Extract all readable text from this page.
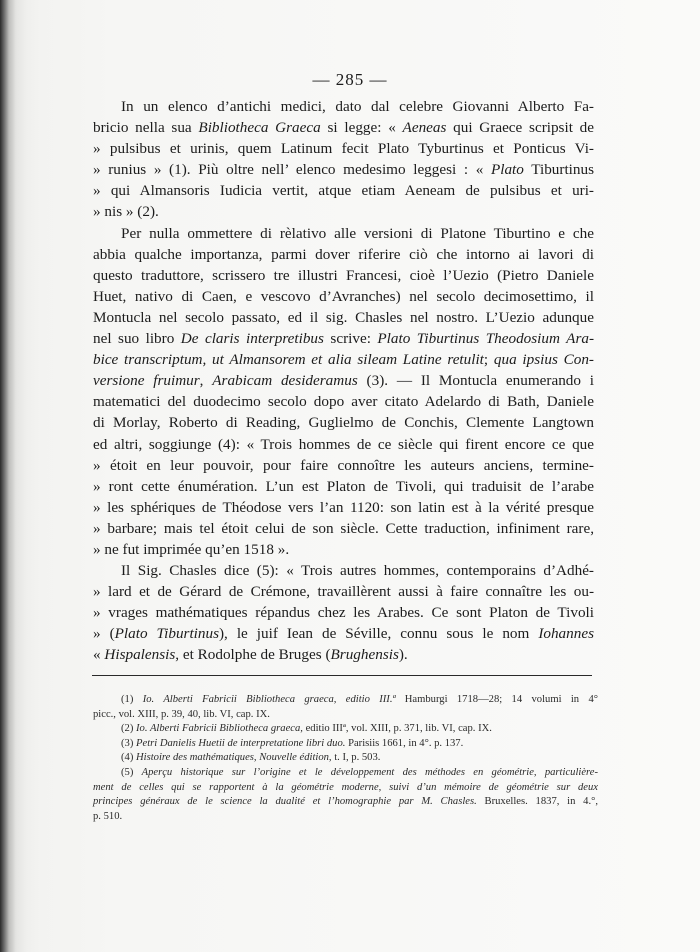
— 285 —
In un elenco d’antichi medici, dato dal celebre Giovanni Alberto Fa-
bricio nella sua Bibliotheca Graeca si legge: « Aeneas qui Graece scripsit de
» pulsibus et urinis, quem Latinum fecit Plato Tyburtinus et Ponticus Vi-
» runius » (1). Più oltre nell’ elenco medesimo leggesi : « Plato Tiburtinus
» qui Almansoris Iudicia vertit, atque etiam Aeneam de pulsibus et uri-
» nis » (2).
Per nulla ommettere di rèlativo alle versioni di Platone Tiburtino e che
abbia qualche importanza, parmi dover riferire ciò che intorno ai lavori di
questo traduttore, scrissero tre illustri Francesi, cioè l’Uezio (Pietro Daniele
Huet, nativo di Caen, e vescovo d’Avranches) nel secolo decimosettimo, il
Montucla nel secolo passato, ed il sig. Chasles nel nostro. L’Uezio adunque
nel suo libro De claris interpretibus scrive: Plato Tiburtinus Theodosium Ara-
bice transcriptum, ut Almansorem et alia sileam Latine retulit; qua ipsius Con-
versione fruimur, Arabicam desideramus (3). — Il Montucla enumerando i
matematici del duodecimo secolo dopo aver citato Adelardo di Bath, Daniele
di Morlay, Roberto di Reading, Guglielmo de Conchis, Clemente Langtown
ed altri, soggiunge (4): « Trois hommes de ce siècle qui firent encore ce que
» étoit en leur pouvoir, pour faire connoître les auteurs anciens, termine-
» ront cette énumération. L’un est Platon de Tivoli, qui traduisit de l’arabe
» les sphériques de Théodose vers l’an 1120: son latin est à la vérité presque
» barbare; mais tel étoit celui de son siècle. Cette traduction, infiniment rare,
» ne fut imprimée qu’en 1518 ».
Il Sig. Chasles dice (5): « Trois autres hommes, contemporains d’Adhé-
» lard et de Gérard de Crémone, travaillèrent aussi à faire connaître les ou-
» vrages mathématiques répandus chez les Arabes. Ce sont Platon de Tivoli
» (Plato Tiburtinus), le juif Iean de Séville, connu sous le nom Iohannes
« Hispalensis, et Rodolphe de Bruges (Brughensis).
(1) Io. Alberti Fabricii Bibliotheca graeca, editio III.ª Hamburgi 1718—28; 14 volumi in 4°
picc., vol. XIII, p. 39, 40, lib. VI, cap. IX.
(2) Io. Alberti Fabricii Bibliotheca graeca, editio IIIª, vol. XIII, p. 371, lib. VI, cap. IX.
(3) Petri Danielis Huetii de interpretatione libri duo. Parisiis 1661, in 4°. p. 137.
(4) Histoire des mathématiques, Nouvelle édition, t. I, p. 503.
(5) Aperçu historique sur l’origine et le développement des méthodes en géométrie, particulière-
ment de celles qui se rapportent à la géométrie moderne, suivi d’un mémoire de géométrie sur deux
principes généraux de le science la dualité et l’homographie par M. Chasles. Bruxelles. 1837, in 4.°,
p. 510.
